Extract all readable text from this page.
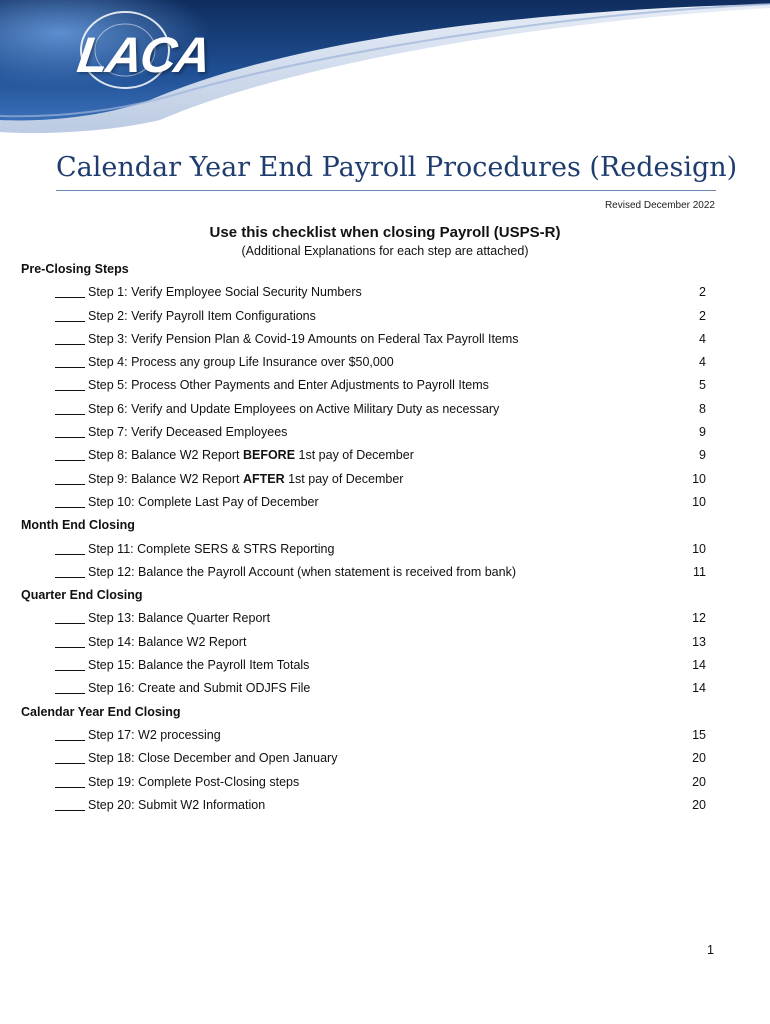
LACA
Calendar Year End Payroll Procedures (Redesign)
Revised December 2022
Use this checklist when closing Payroll (USPS-R)
(Additional Explanations for each step are attached)
Pre-Closing Steps
Step 1: Verify Employee Social Security Numbers	2
Step 2: Verify Payroll Item Configurations	2
Step 3: Verify Pension Plan & Covid-19 Amounts on Federal Tax Payroll Items	4
Step 4: Process any group Life Insurance over $50,000	4
Step 5: Process Other Payments and Enter Adjustments to Payroll Items	5
Step 6: Verify and Update Employees on Active Military Duty as necessary	8
Step 7: Verify Deceased Employees	9
Step 8: Balance W2 Report BEFORE 1st pay of December	9
Step 9: Balance W2 Report AFTER 1st pay of December	10
Step 10: Complete Last Pay of December	10
Month End Closing
Step 11: Complete SERS & STRS Reporting	10
Step 12: Balance the Payroll Account (when statement is received from bank)	11
Quarter End Closing
Step 13: Balance Quarter Report	12
Step 14: Balance W2 Report	13
Step 15: Balance the Payroll Item Totals	14
Step 16: Create and Submit ODJFS File	14
Calendar Year End Closing
Step 17: W2 processing	15
Step 18: Close December and Open January	20
Step 19: Complete Post-Closing steps	20
Step 20: Submit W2 Information	20
1
